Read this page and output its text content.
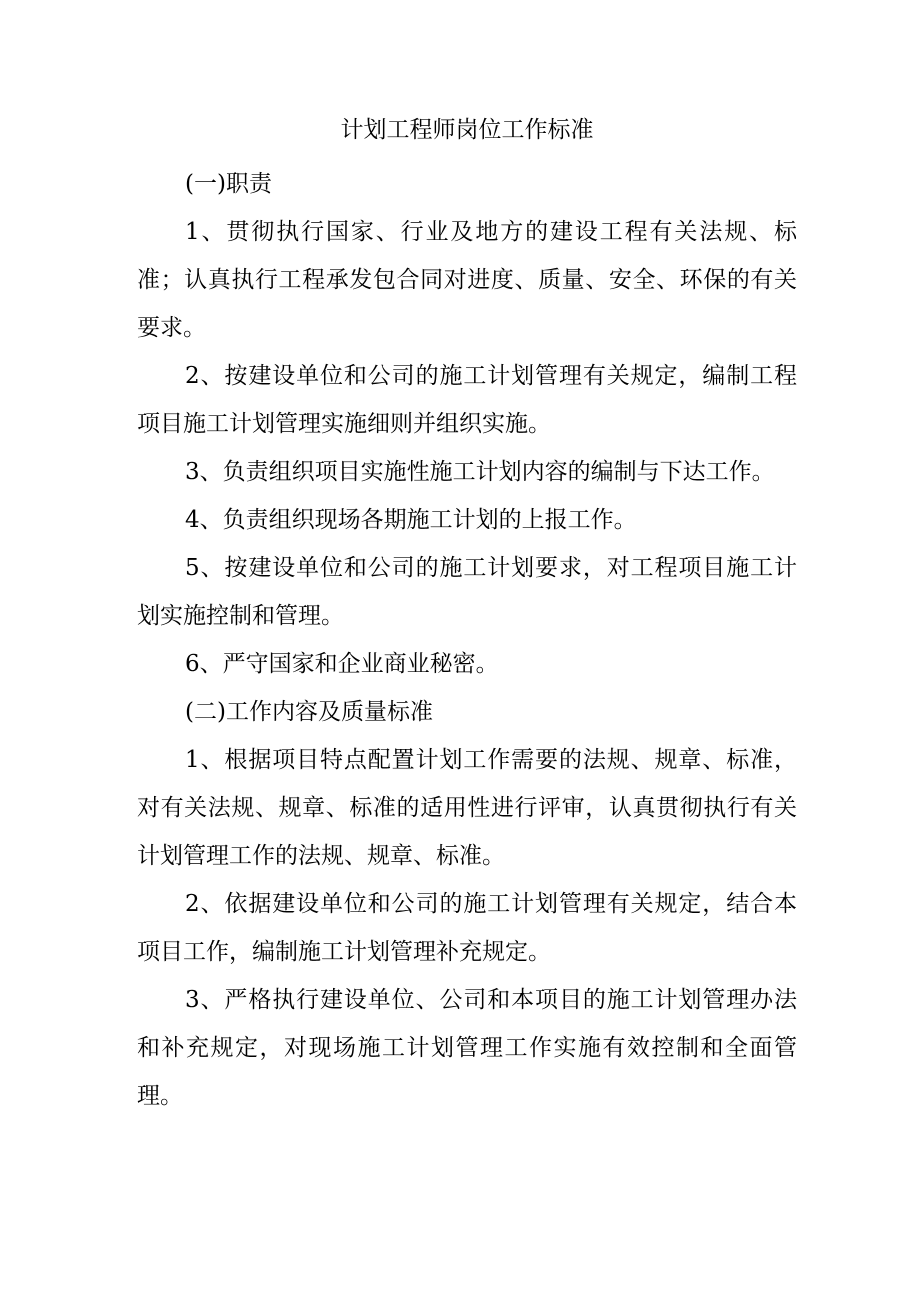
计划工程师岗位工作标准

(一)职责

1、贯彻执行国家、行业及地方的建设工程有关法规、标准；认真执行工程承发包合同对进度、质量、安全、环保的有关要求。

2、按建设单位和公司的施工计划管理有关规定，编制工程项目施工计划管理实施细则并组织实施。

3、负责组织项目实施性施工计划内容的编制与下达工作。

4、负责组织现场各期施工计划的上报工作。

5、按建设单位和公司的施工计划要求，对工程项目施工计划实施控制和管理。

6、严守国家和企业商业秘密。

(二)工作内容及质量标准

1、根据项目特点配置计划工作需要的法规、规章、标准，对有关法规、规章、标准的适用性进行评审，认真贯彻执行有关计划管理工作的法规、规章、标准。

2、依据建设单位和公司的施工计划管理有关规定，结合本项目工作，编制施工计划管理补充规定。

3、严格执行建设单位、公司和本项目的施工计划管理办法和补充规定，对现场施工计划管理工作实施有效控制和全面管理。
